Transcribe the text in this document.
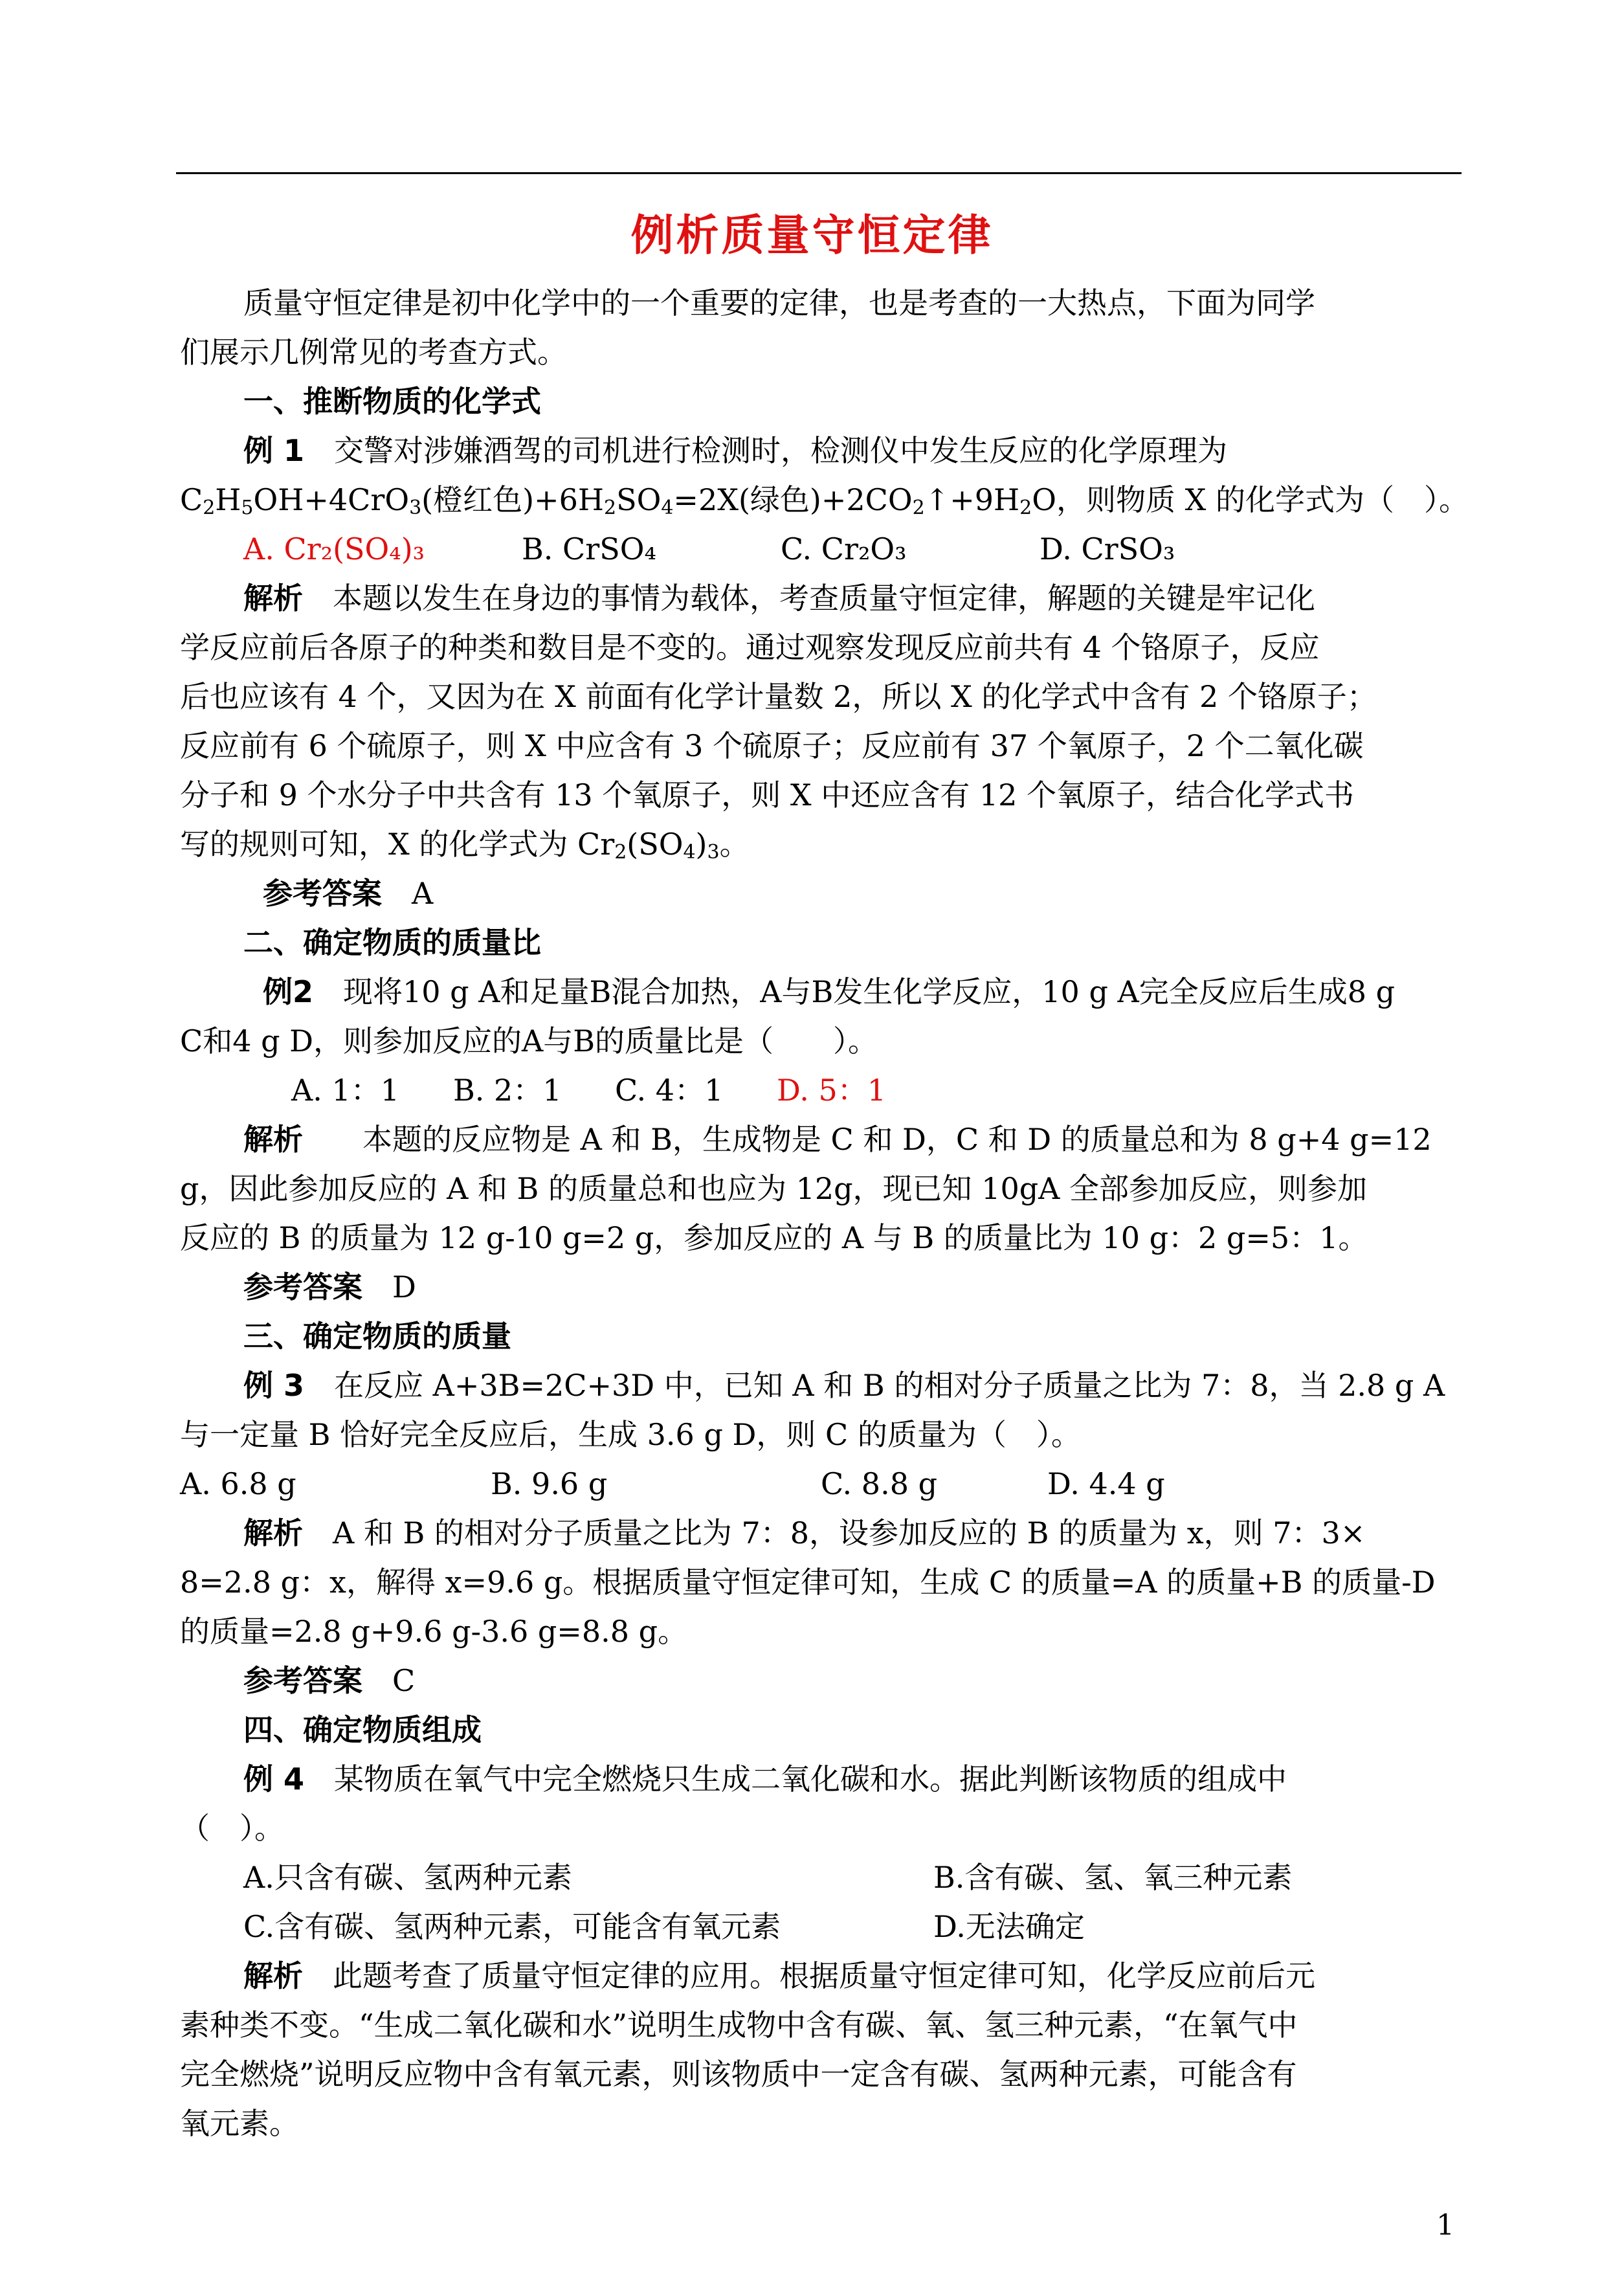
例析质量守恒定律
质量守恒定律是初中化学中的一个重要的定律，也是考查的一大热点，下面为同学
们展示几例常见的考查方式。
一、推断物质的化学式
例 1　 交警对涉嫌酒驾的司机进行检测时，检测仪中发生反应的化学原理为
$C_2H_5OH+4CrO_3$(橙红色)$+6H_2SO_4=2X$(绿色)$+2CO_2↑+9H_2O$，则物质 X 的化学式为（　）。
A. Cr₂(SO₄)₃	B. CrSO₄	C. Cr₂O₃	D. CrSO₃
解析　 本题以发生在身边的事情为载体，考查质量守恒定律，解题的关键是牢记化
学反应前后各原子的种类和数目是不变的。通过观察发现反应前共有 4 个铬原子，反应
后也应该有 4 个，又因为在 X 前面有化学计量数 2，所以 X 的化学式中含有 2 个铬原子；
反应前有 6 个硫原子，则 X 中应含有 3 个硫原子；反应前有 37 个氧原子，2 个二氧化碳
分子和 9 个水分子中共含有 13 个氧原子，则 X 中还应含有 12 个氧原子，结合化学式书
写的规则可知，X 的化学式为 $Cr_2(SO_4)_3$。
参考答案　 A
二、确定物质的质量比
例2　 现将10 g A和足量B混合加热，A与B发生化学反应，10 g A完全反应后生成8 g
C和4 g D，则参加反应的A与B的质量比是（　　）。
A. 1：1 B. 2：1 C. 4：1 D. 5：1
解析　　 本题的反应物是 A 和 B，生成物是 C 和 D，C 和 D 的质量总和为 8 g+4 g=12
g，因此参加反应的 A 和 B 的质量总和也应为 12g，现已知 10gA 全部参加反应，则参加
反应的 B 的质量为 12 g-10 g=2 g，参加反应的 A 与 B 的质量比为 10 g：2 g=5：1。
参考答案　 D
三、确定物质的质量
例 3　 在反应 A+3B=2C+3D 中，已知 A 和 B 的相对分子质量之比为 7：8，当 2.8 g A
与一定量 B 恰好完全反应后，生成 3.6 g D，则 C 的质量为（　）。
A. 6.8 g	B. 9.6 g	C. 8.8 g	D. 4.4 g
解析　 A 和 B 的相对分子质量之比为 7：8，设参加反应的 B 的质量为 x，则 7：3×
8=2.8 g：x，解得 x=9.6 g。根据质量守恒定律可知，生成 C 的质量=A 的质量+B 的质量-D
的质量=2.8 g+9.6 g-3.6 g=8.8 g。
参考答案　 C
四、确定物质组成
例 4　 某物质在氧气中完全燃烧只生成二氧化碳和水。据此判断该物质的组成中
（　）。
A.只含有碳、氢两种元素	B.含有碳、氢、氧三种元素
C.含有碳、氢两种元素，可能含有氧元素	D.无法确定
解析　 此题考查了质量守恒定律的应用。根据质量守恒定律可知，化学反应前后元
素种类不变。“生成二氧化碳和水”说明生成物中含有碳、氧、氢三种元素，“在氧气中
完全燃烧”说明反应物中含有氧元素，则该物质中一定含有碳、氢两种元素，可能含有
氧元素。
1
